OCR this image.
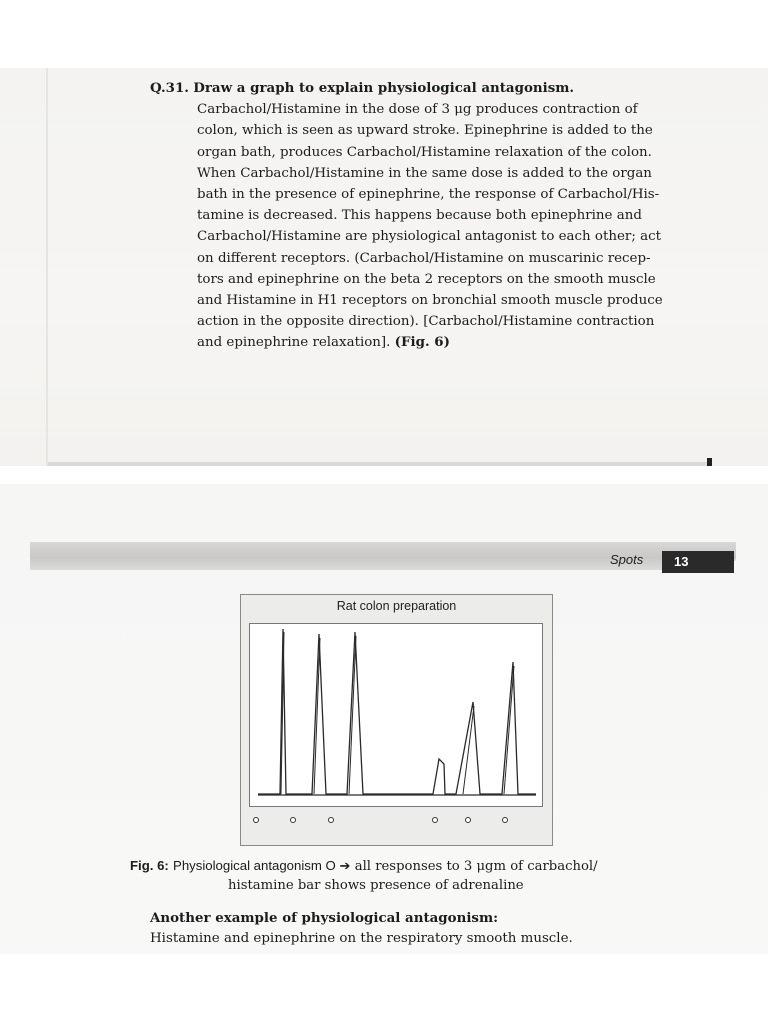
Q.31. Draw a graph to explain physiological antagonism.
Carbachol/Histamine in the dose of 3 μg produces contraction of
colon, which is seen as upward stroke. Epinephrine is added to the
organ bath, produces Carbachol/Histamine relaxation of the colon.
When Carbachol/Histamine in the same dose is added to the organ
bath in the presence of epinephrine, the response of Carbachol/His-
tamine is decreased. This happens because both epinephrine and
Carbachol/Histamine are physiological antagonist to each other; act
on different receptors. (Carbachol/Histamine on muscarinic recep-
tors and epinephrine on the beta 2 receptors on the smooth muscle
and Histamine in H1 receptors on bronchial smooth muscle produce
action in the opposite direction). [Carbachol/Histamine contraction
and epinephrine relaxation]. (Fig. 6)
Spots	13
Rat colon preparation
Fig. 6: Physiological antagonism O ➔ all responses to 3 μgm of carbachol/
histamine bar shows presence of adrenaline
Another example of physiological antagonism:
Histamine and epinephrine on the respiratory smooth muscle.
